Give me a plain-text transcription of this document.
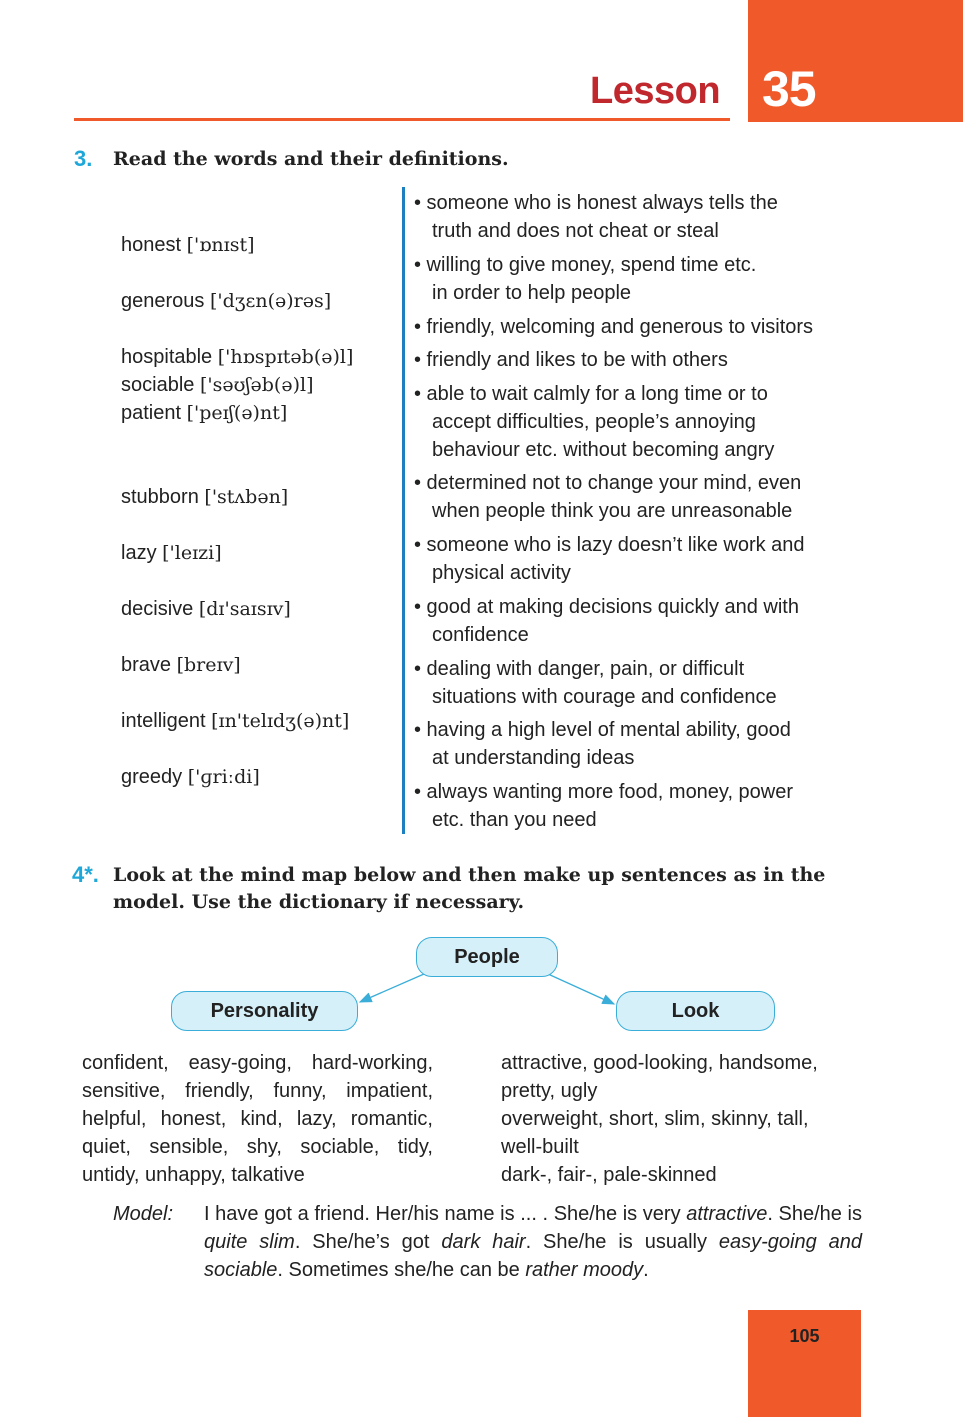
Lesson 35
3. Read the words and their definitions.
honest ['ɒnɪst]
generous ['dʒɛn(ə)rəs]
hospitable ['hɒspɪtəb(ə)l]
sociable ['səʊʃəb(ə)l]
patient ['peɪʃ(ə)nt]
stubborn ['stʌbən]
lazy ['leɪzi]
decisive [dɪ'saɪsɪv]
brave [breɪv]
intelligent [ɪn'telɪdʒ(ə)nt]
greedy ['ɡriːdi]
• someone who is honest always tells the
truth and does not cheat or steal
• willing to give money, spend time etc.
in order to help people
• friendly, welcoming and generous to visitors
• friendly and likes to be with others
• able to wait calmly for a long time or to
accept difficulties, people’s annoying
behaviour etc. without becoming angry
• determined not to change your mind, even
when people think you are unreasonable
• someone who is lazy doesn’t like work and
physical activity
• good at making decisions quickly and with
confidence
• dealing with danger, pain, or difficult
situations with courage and confidence
• having a high level of mental ability, good
at understanding ideas
• always wanting more food, money, power
etc. than you need
4*. Look at the mind map below and then make up sentences as in the
model. Use the dictionary if necessary.
People
Personality	Look
confident, easy-going, hard-working, sensitive, friendly, funny, impatient, helpful, honest, kind, lazy, romantic, quiet, sensible, shy, sociable, tidy, untidy, unhappy, talkative
attractive, good-looking, handsome,
pretty, ugly
overweight, short, slim, skinny, tall,
well-built
dark-, fair-, pale-skinned
Model: I have got a friend. Her/his name is ... . She/he is very attractive. She/he is quite slim. She/he’s got dark hair. She/he is usually easy-going and sociable. Sometimes she/he can be rather moody.
105
